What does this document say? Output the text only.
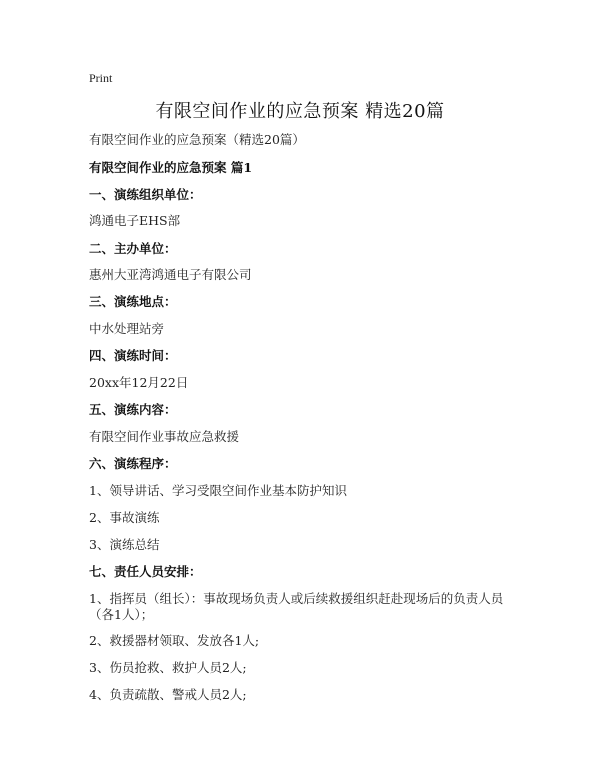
Print
有限空间作业的应急预案 精选20篇
有限空间作业的应急预案（精选20篇）
有限空间作业的应急预案 篇1
一、演练组织单位：
鸿通电子EHS部
二、主办单位：
惠州大亚湾鸿通电子有限公司
三、演练地点：
中水处理站旁
四、演练时间：
20xx年12月22日
五、演练内容：
有限空间作业事故应急救援
六、演练程序：
1、领导讲话、学习受限空间作业基本防护知识
2、事故演练
3、演练总结
七、责任人员安排：
1、指挥员（组长）：事故现场负责人或后续救援组织赶赴现场后的负责人员（各1人）；
2、救援器材领取、发放各1人;
3、伤员抢救、救护人员2人;
4、负责疏散、警戒人员2人;
